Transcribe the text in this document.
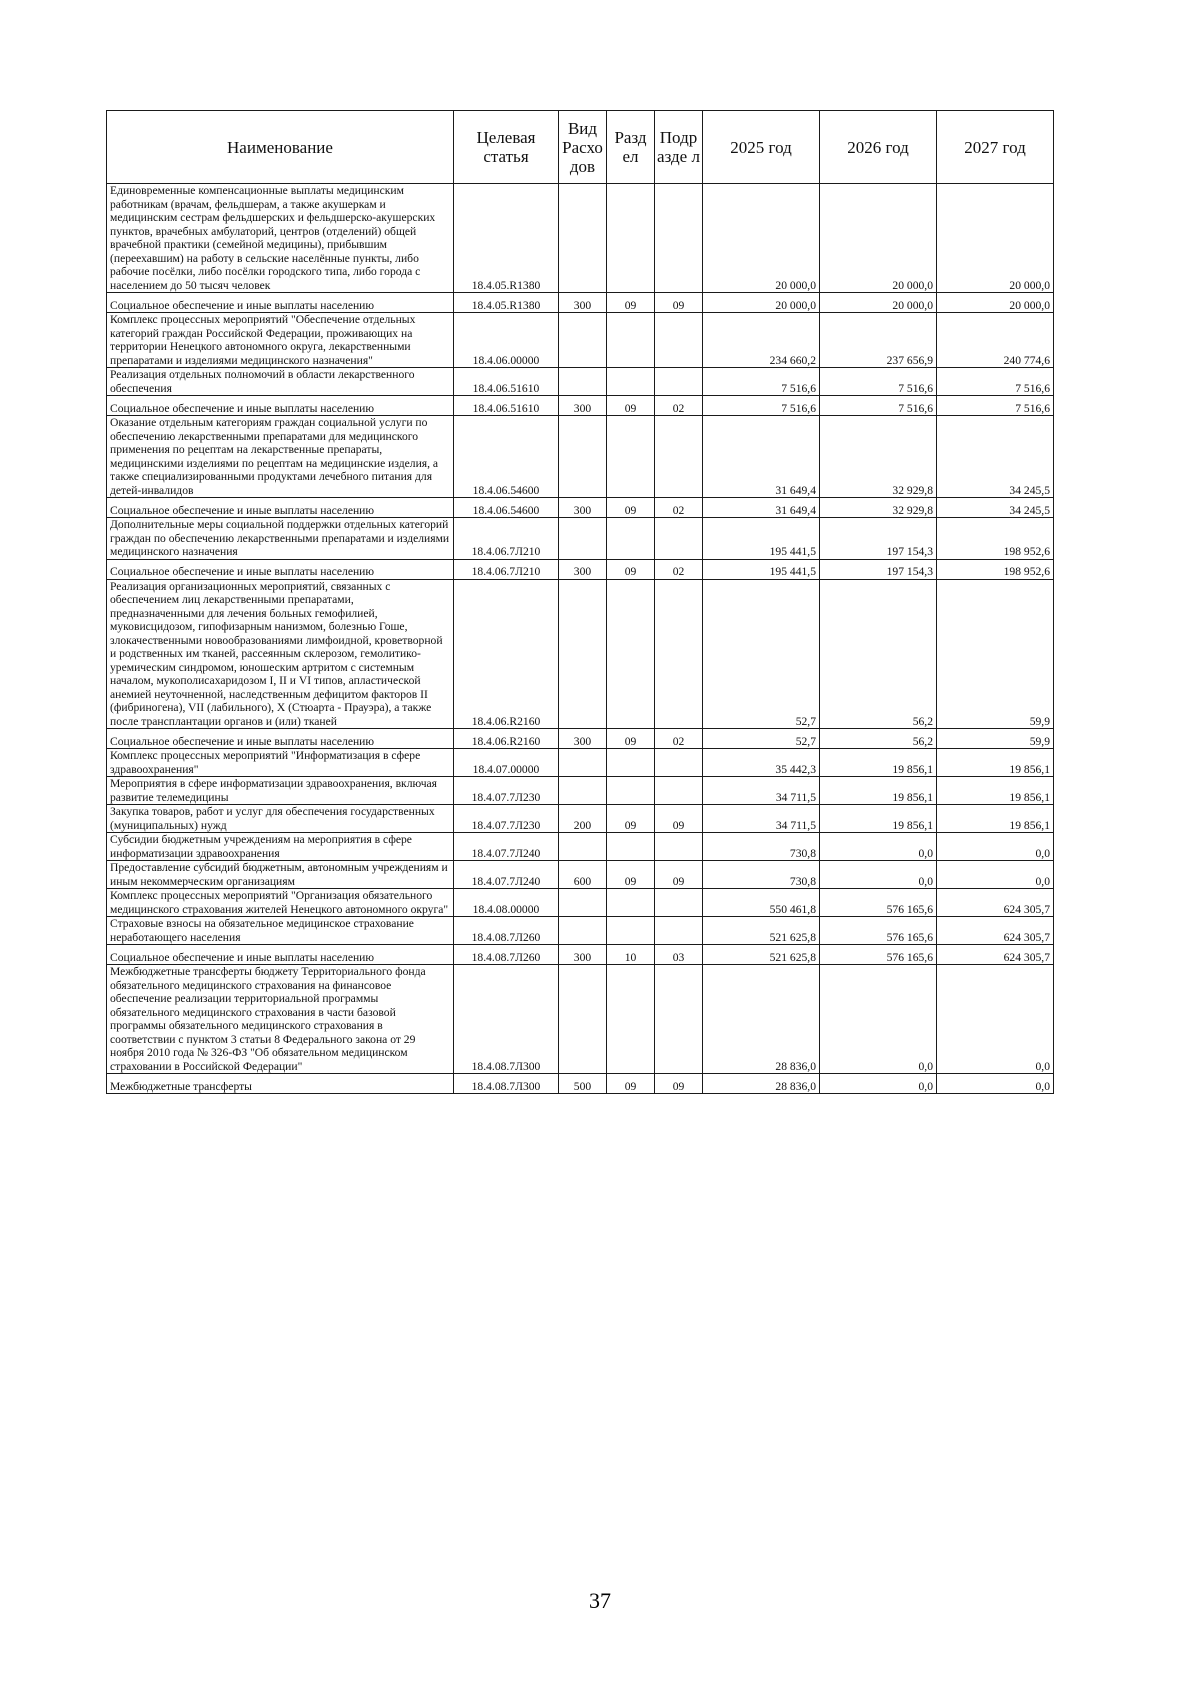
Наименование	Целевая статья	Вид Расхо дов	Разд ел	Подр азде л	2025 год	2026 год	2027 год
Единовременные компенсационные выплаты медицинским работникам (врачам, фельдшерам, а также акушеркам и медицинским сестрам фельдшерских и фельдшерско-акушерских пунктов, врачебных амбулаторий, центров (отделений) общей врачебной практики (семейной медицины), прибывшим (переехавшим) на работу в сельские населённые пункты, либо рабочие посёлки, либо посёлки городского типа, либо города с населением до 50 тысяч человек	18.4.05.R1380				20 000,0	20 000,0	20 000,0
Социальное обеспечение и иные выплаты населению	18.4.05.R1380	300	09	09	20 000,0	20 000,0	20 000,0
Комплекс процессных мероприятий "Обеспечение отдельных категорий граждан Российской Федерации, проживающих на территории Ненецкого автономного округа, лекарственными препаратами и изделиями медицинского назначения"	18.4.06.00000				234 660,2	237 656,9	240 774,6
Реализация отдельных полномочий в области лекарственного обеспечения	18.4.06.51610				7 516,6	7 516,6	7 516,6
Социальное обеспечение и иные выплаты населению	18.4.06.51610	300	09	02	7 516,6	7 516,6	7 516,6
Оказание отдельным категориям граждан социальной услуги по обеспечению лекарственными препаратами для медицинского применения по рецептам на лекарственные препараты, медицинскими изделиями по рецептам на медицинские изделия, а также специализированными продуктами лечебного питания для детей-инвалидов	18.4.06.54600				31 649,4	32 929,8	34 245,5
Социальное обеспечение и иные выплаты населению	18.4.06.54600	300	09	02	31 649,4	32 929,8	34 245,5
Дополнительные меры социальной поддержки отдельных категорий граждан по обеспечению лекарственными препаратами и изделиями медицинского назначения	18.4.06.7Л210				195 441,5	197 154,3	198 952,6
Социальное обеспечение и иные выплаты населению	18.4.06.7Л210	300	09	02	195 441,5	197 154,3	198 952,6
Реализация организационных мероприятий, связанных с обеспечением лиц лекарственными препаратами, предназначенными для лечения больных гемофилией, муковисцидозом, гипофизарным нанизмом, болезнью Гоше, злокачественными новообразованиями лимфоидной, кроветворной и родственных им тканей, рассеянным склерозом, гемолитико-уремическим синдромом, юношеским артритом с системным началом, мукополисахаридозом I, II и VI типов, апластической анемией неуточненной, наследственным дефицитом факторов II (фибриногена), VII (лабильного), X (Стюарта - Прауэра), а также после трансплантации органов и (или) тканей	18.4.06.R2160				52,7	56,2	59,9
Социальное обеспечение и иные выплаты населению	18.4.06.R2160	300	09	02	52,7	56,2	59,9
Комплекс процессных мероприятий "Информатизация в сфере здравоохранения"	18.4.07.00000				35 442,3	19 856,1	19 856,1
Мероприятия в сфере информатизации здравоохранения, включая развитие телемедицины	18.4.07.7Л230				34 711,5	19 856,1	19 856,1
Закупка товаров, работ и услуг для обеспечения государственных (муниципальных) нужд	18.4.07.7Л230	200	09	09	34 711,5	19 856,1	19 856,1
Субсидии бюджетным учреждениям на мероприятия в сфере информатизации здравоохранения	18.4.07.7Л240				730,8	0,0	0,0
Предоставление субсидий бюджетным, автономным учреждениям и иным некоммерческим организациям	18.4.07.7Л240	600	09	09	730,8	0,0	0,0
Комплекс процессных мероприятий "Организация обязательного медицинского страхования жителей Ненецкого автономного округа"	18.4.08.00000				550 461,8	576 165,6	624 305,7
Страховые взносы на обязательное медицинское страхование неработающего населения	18.4.08.7Л260				521 625,8	576 165,6	624 305,7
Социальное обеспечение и иные выплаты населению	18.4.08.7Л260	300	10	03	521 625,8	576 165,6	624 305,7
Межбюджетные трансферты бюджету Территориального фонда обязательного медицинского страхования на финансовое обеспечение реализации территориальной программы обязательного медицинского страхования в части базовой программы обязательного медицинского страхования в соответствии с пунктом 3 статьи 8 Федерального закона от 29 ноября 2010 года № 326-ФЗ "Об обязательном медицинском страховании в Российской Федерации"	18.4.08.7Л300				28 836,0	0,0	0,0
Межбюджетные трансферты	18.4.08.7Л300	500	09	09	28 836,0	0,0	0,0
37
